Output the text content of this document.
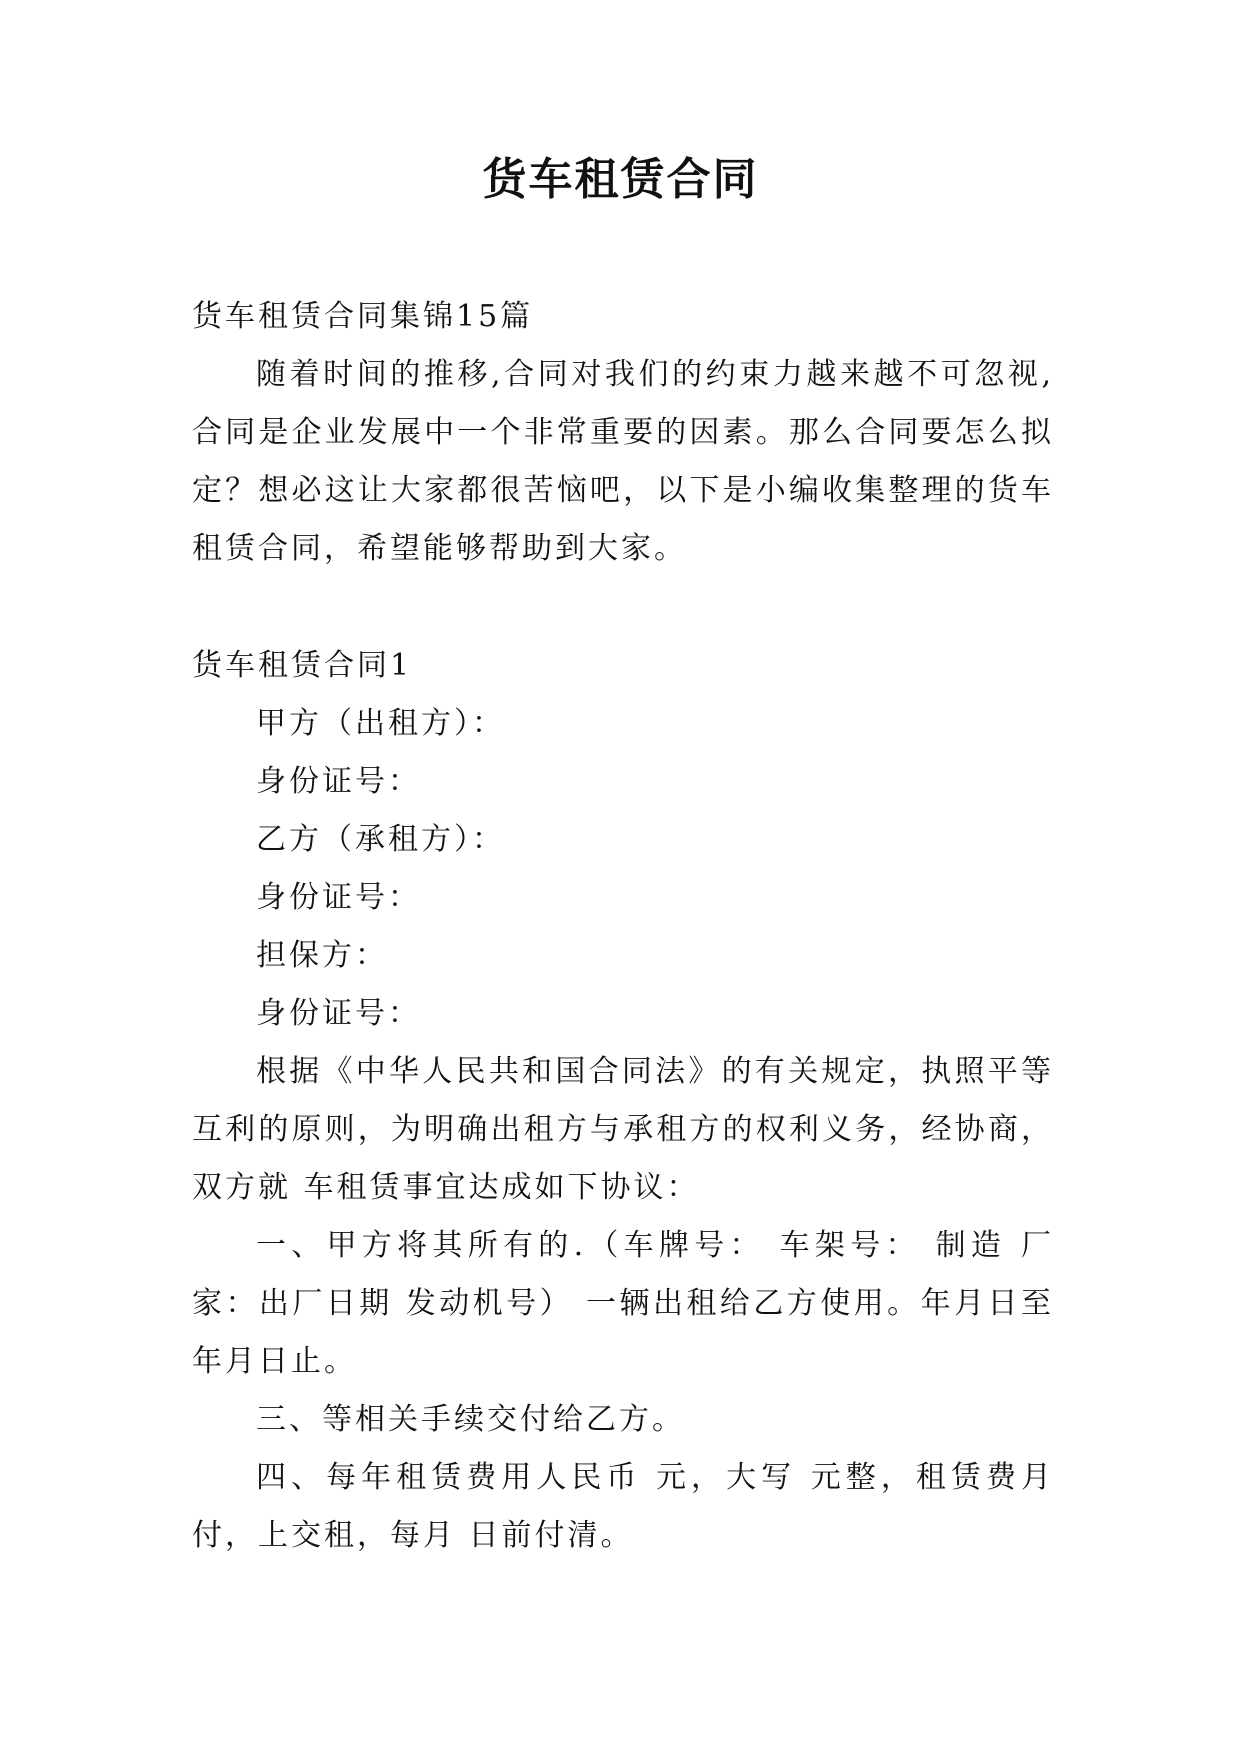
货车租赁合同

货车租赁合同集锦15篇

随着时间的推移,合同对我们的约束力越来越不可忽视,合同是企业发展中一个非常重要的因素。那么合同要怎么拟定？想必这让大家都很苦恼吧，以下是小编收集整理的货车租赁合同，希望能够帮助到大家。

货车租赁合同1

甲方（出租方）：

身份证号：

乙方（承租方）：

身份证号：

担保方：

身份证号：

根据《中华人民共和国合同法》的有关规定，执照平等互利的原则，为明确出租方与承租方的权利义务，经协商，双方就 车租赁事宜达成如下协议：

一、甲方将其所有的.（车牌号： 车架号： 制造 厂家：出厂日期 发动机号） 一辆出租给乙方使用。年月日至年月日止。

三、等相关手续交付给乙方。

四、每年租赁费用人民币 元，大写 元整，租赁费月付，上交租，每月 日前付清。
